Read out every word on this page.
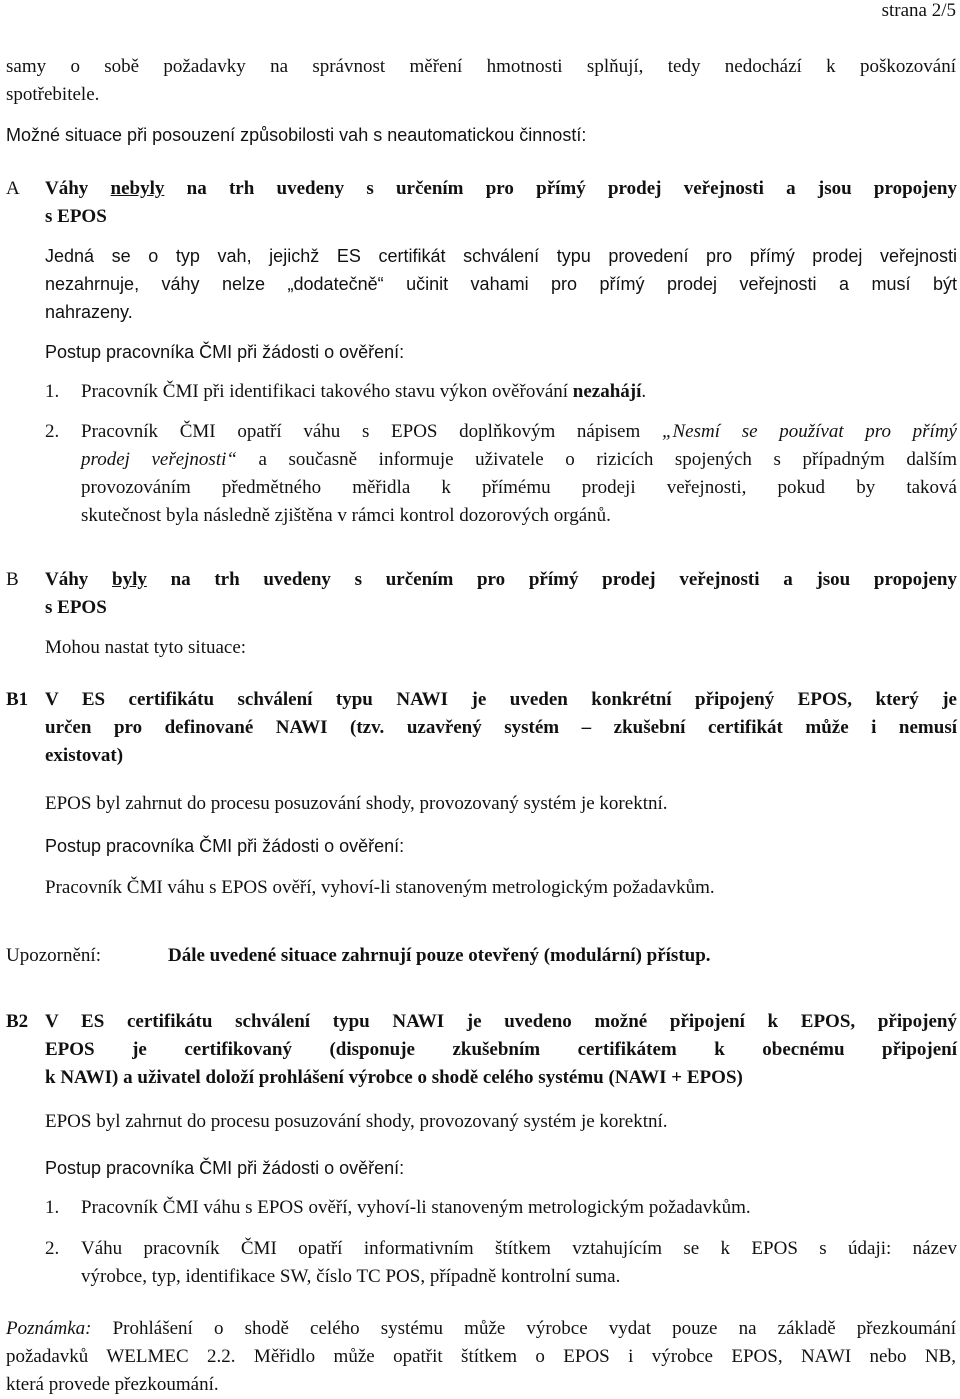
strana 2/5
samy o sobě požadavky na správnost měření hmotnosti splňují, tedy nedochází k poškozování
spotřebitele.
Možné situace při posouzení způsobilosti vah s neautomatickou činností:
A Váhy nebyly na trh uvedeny s určením pro přímý prodej veřejnosti a jsou propojeny
s EPOS
Jedná se o typ vah, jejichž ES certifikát schválení typu provedení pro přímý prodej veřejnosti
nezahrnuje, váhy nelze „dodatečně“ učinit vahami pro přímý prodej veřejnosti a musí být
nahrazeny.
Postup pracovníka ČMI při žádosti o ověření:
1. Pracovník ČMI při identifikaci takového stavu výkon ověřování nezahájí.
2. Pracovník ČMI opatří váhu s EPOS doplňkovým nápisem „Nesmí se používat pro přímý
prodej veřejnosti“ a současně informuje uživatele o rizicích spojených s případným dalším
provozováním předmětného měřidla k přímému prodeji veřejnosti, pokud by taková
skutečnost byla následně zjištěna v rámci kontrol dozorových orgánů.
B Váhy byly na trh uvedeny s určením pro přímý prodej veřejnosti a jsou propojeny
s EPOS
Mohou nastat tyto situace:
B1 V ES certifikátu schválení typu NAWI je uveden konkrétní připojený EPOS, který je
určen pro definované NAWI (tzv. uzavřený systém – zkušební certifikát může i nemusí
existovat)
EPOS byl zahrnut do procesu posuzování shody, provozovaný systém je korektní.
Postup pracovníka ČMI při žádosti o ověření:
Pracovník ČMI váhu s EPOS ověří, vyhoví-li stanoveným metrologickým požadavkům.
Upozornění:	Dále uvedené situace zahrnují pouze otevřený (modulární) přístup.
B2 V ES certifikátu schválení typu NAWI je uvedeno možné připojení k EPOS, připojený
EPOS je certifikovaný (disponuje zkušebním certifikátem k obecnému připojení
k NAWI) a uživatel doloží prohlášení výrobce o shodě celého systému (NAWI + EPOS)
EPOS byl zahrnut do procesu posuzování shody, provozovaný systém je korektní.
Postup pracovníka ČMI při žádosti o ověření:
1. Pracovník ČMI váhu s EPOS ověří, vyhoví-li stanoveným metrologickým požadavkům.
2. Váhu pracovník ČMI opatří informativním štítkem vztahujícím se k EPOS s údaji: název
výrobce, typ, identifikace SW, číslo TC POS, případně kontrolní suma.
Poznámka: Prohlášení o shodě celého systému může výrobce vydat pouze na základě přezkoumání
požadavků WELMEC 2.2. Měřidlo může opatřit štítkem o EPOS i výrobce EPOS, NAWI nebo NB,
která provede přezkoumání.
